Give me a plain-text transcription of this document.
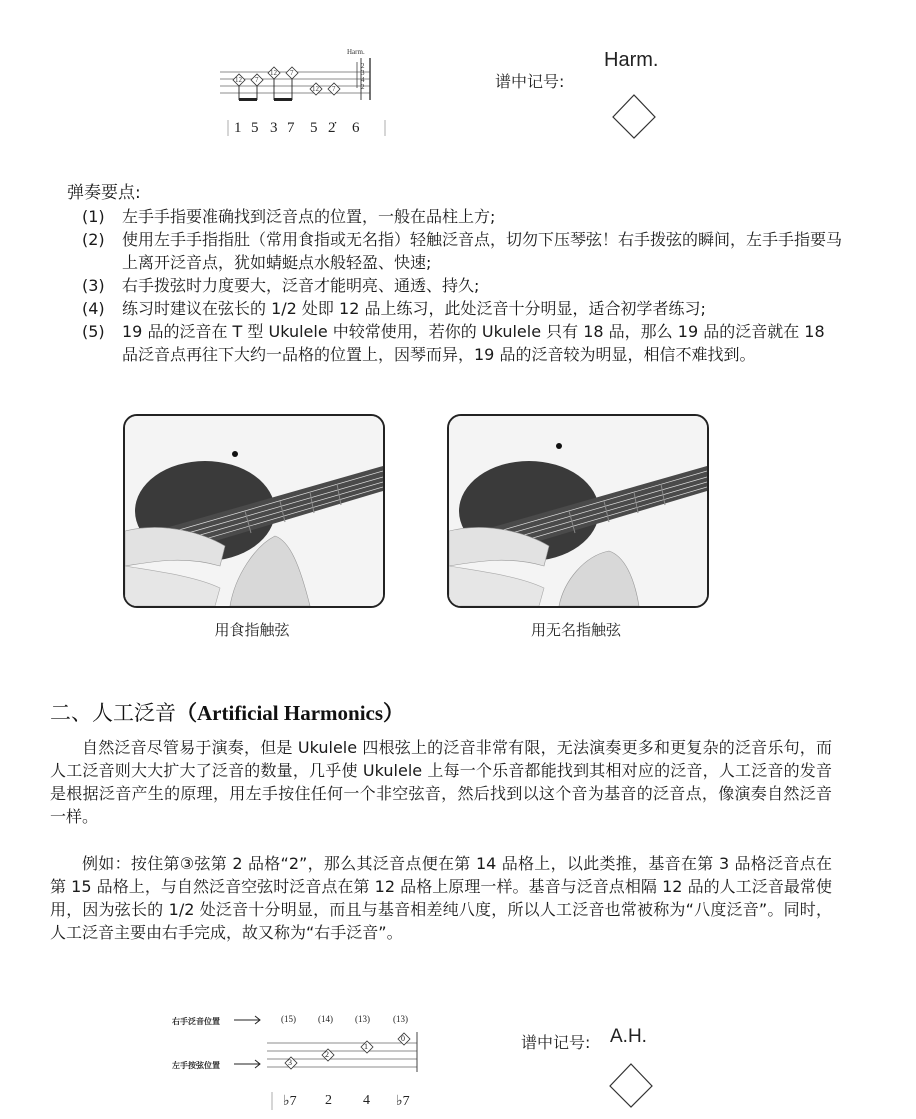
Harm.
12 7
12 7
12 7
2
3
4
2
1 5 3 7 5 2̇ 6
谱中记号:
Harm.
弹奏要点:
(1)	左手手指要准确找到泛音点的位置，一般在品柱上方;
(2)	使用左手手指指肚（常用食指或无名指）轻触泛音点，切勿下压琴弦！右手拨弦的瞬间，左手手指要马上离开泛音点，犹如蜻蜓点水般轻盈、快速;
(3)	右手拨弦时力度要大，泛音才能明亮、通透、持久;
(4)	练习时建议在弦长的 1/2 处即 12 品上练习，此处泛音十分明显，适合初学者练习;
(5)	19 品的泛音在 T 型 Ukulele 中较常使用，若你的 Ukulele 只有 18 品，那么 19 品的泛音就在 18 品泛音点再往下大约一品格的位置上，因琴而异，19 品的泛音较为明显，相信不难找到。
用食指触弦	用无名指触弦
二、人工泛音（Artificial Harmonics）

自然泛音尽管易于演奏，但是 Ukulele 四根弦上的泛音非常有限，无法演奏更多和更复杂的泛音乐句，而人工泛音则大大扩大了泛音的数量，几乎使 Ukulele 上每一个乐音都能找到其相对应的泛音，人工泛音的发音是根据泛音产生的原理，用左手按住任何一个非空弦音，然后找到以这个音为基音的泛音点，像演奏自然泛音一样。

例如：按住第③弦第 2 品格“2”，那么其泛音点便在第 14 品格上，以此类推，基音在第 3 品格泛音点在第 15 品格上，与自然泛音空弦时泛音点在第 12 品格上原理一样。基音与泛音点相隔 12 品的人工泛音最常使用，因为弦长的 1/2 处泛音十分明显，而且与基音相差纯八度，所以人工泛音也常被称为“八度泛音”。同时，人工泛音主要由右手完成，故又称为“右手泛音”。

右手泛音位置
左手按弦位置
(15) (14) (13)	(13)
3
2
1
0
♭7 2 4 ♭7
谱中记号: A.H.
